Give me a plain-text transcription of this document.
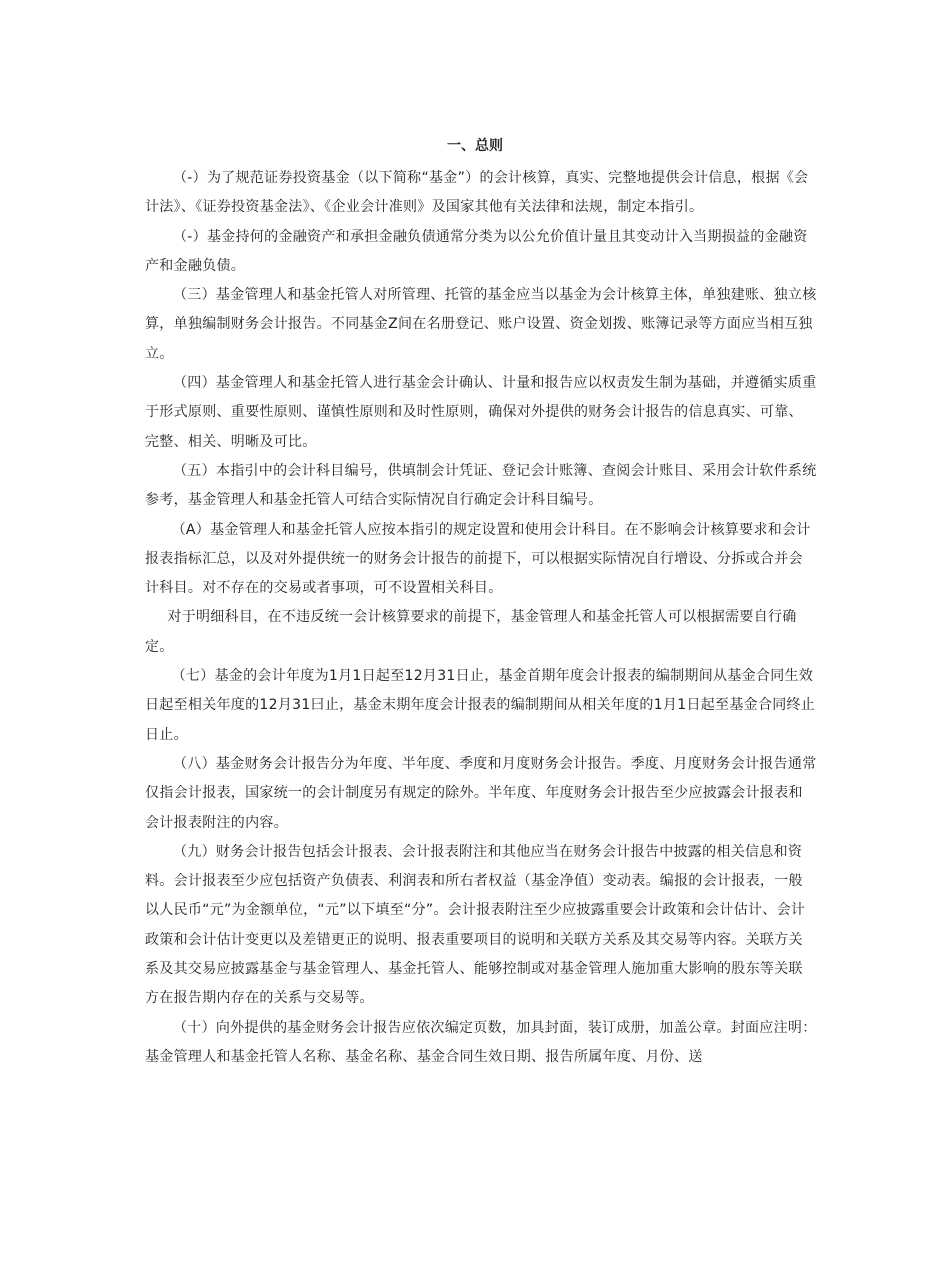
一、总则

（-）为了规范证券投资基金（以下简称“基金”）的会计核算，真实、完整地提供会计信息，根据《会计法》、《证券投资基金法》、《企业会计准则》及国家其他有关法律和法规，制定本指引。

（-）基金持何的金融资产和承担金融负债通常分类为以公允价值计量且其变动计入当期损益的金融资产和金融负债。

（三）基金管理人和基金托管人对所管理、托管的基金应当以基金为会计核算主体，单独建账、独立核算，单独编制财务会计报告。不同基金Z间在名册登记、账户设置、资金划拨、账簿记录等方面应当相互独立。

（四）基金管理人和基金托管人进行基金会计确认、计量和报告应以权责发生制为基础，并遵循实质重于形式原则、重要性原则、谨慎性原则和及时性原则，确保对外提供的财务会计报告的信息真实、可靠、完整、相关、明晰及可比。

（五）本指引中的会计科目编号，供填制会计凭证、登记会计账簿、查阅会计账目、采用会计软件系统参考，基金管理人和基金托管人可结合实际情况自行确定会计科目编号。

（A）基金管理人和基金托管人应按本指引的规定设置和使用会计科目。在不影响会计核算要求和会计报表指标汇总，以及对外提供统一的财务会计报告的前提下，可以根据实际情况自行增设、分拆或合并会计科目。对不存在的交易或者事项，可不设置相关科目。

对于明细科目，在不违反统一会计核算要求的前提下，基金管理人和基金托管人可以根据需要自行确定。

（七）基金的会计年度为1月1日起至12月31日止，基金首期年度会计报表的编制期间从基金合同生效日起至相关年度的12月31曰止，基金末期年度会计报表的编制期间从相关年度的1月1日起至基金合同终止日止。

（八）基金财务会计报告分为年度、半年度、季度和月度财务会计报告。季度、月度财务会计报告通常仅指会计报表，国家统一的会计制度另有规定的除外。半年度、年度财务会计报告至少应披露会计报表和会计报表附注的内容。

（九）财务会计报告包括会计报表、会计报表附注和其他应当在财务会计报告中披露的相关信息和资料。会计报表至少应包括资产负债表、利润表和所右者权益（基金净值）变动表。编报的会计报表，一般以人民币“元”为金额单位，“元”以下填至“分”。会计报表附注至少应披露重要会计政策和会计估计、会计政策和会计估计变更以及差错更正的说明、报表重要项目的说明和关联方关系及其交易等内容。关联方关系及其交易应披露基金与基金管理人、基金托管人、能够控制或对基金管理人施加重大影响的股东等关联方在报告期内存在的关系与交易等。

（十）向外提供的基金财务会计报告应依次编定页数，加具封面，装订成册，加盖公章。封面应注明：基金管理人和基金托管人名称、基金名称、基金合同生效日期、报告所属年度、月份、送
